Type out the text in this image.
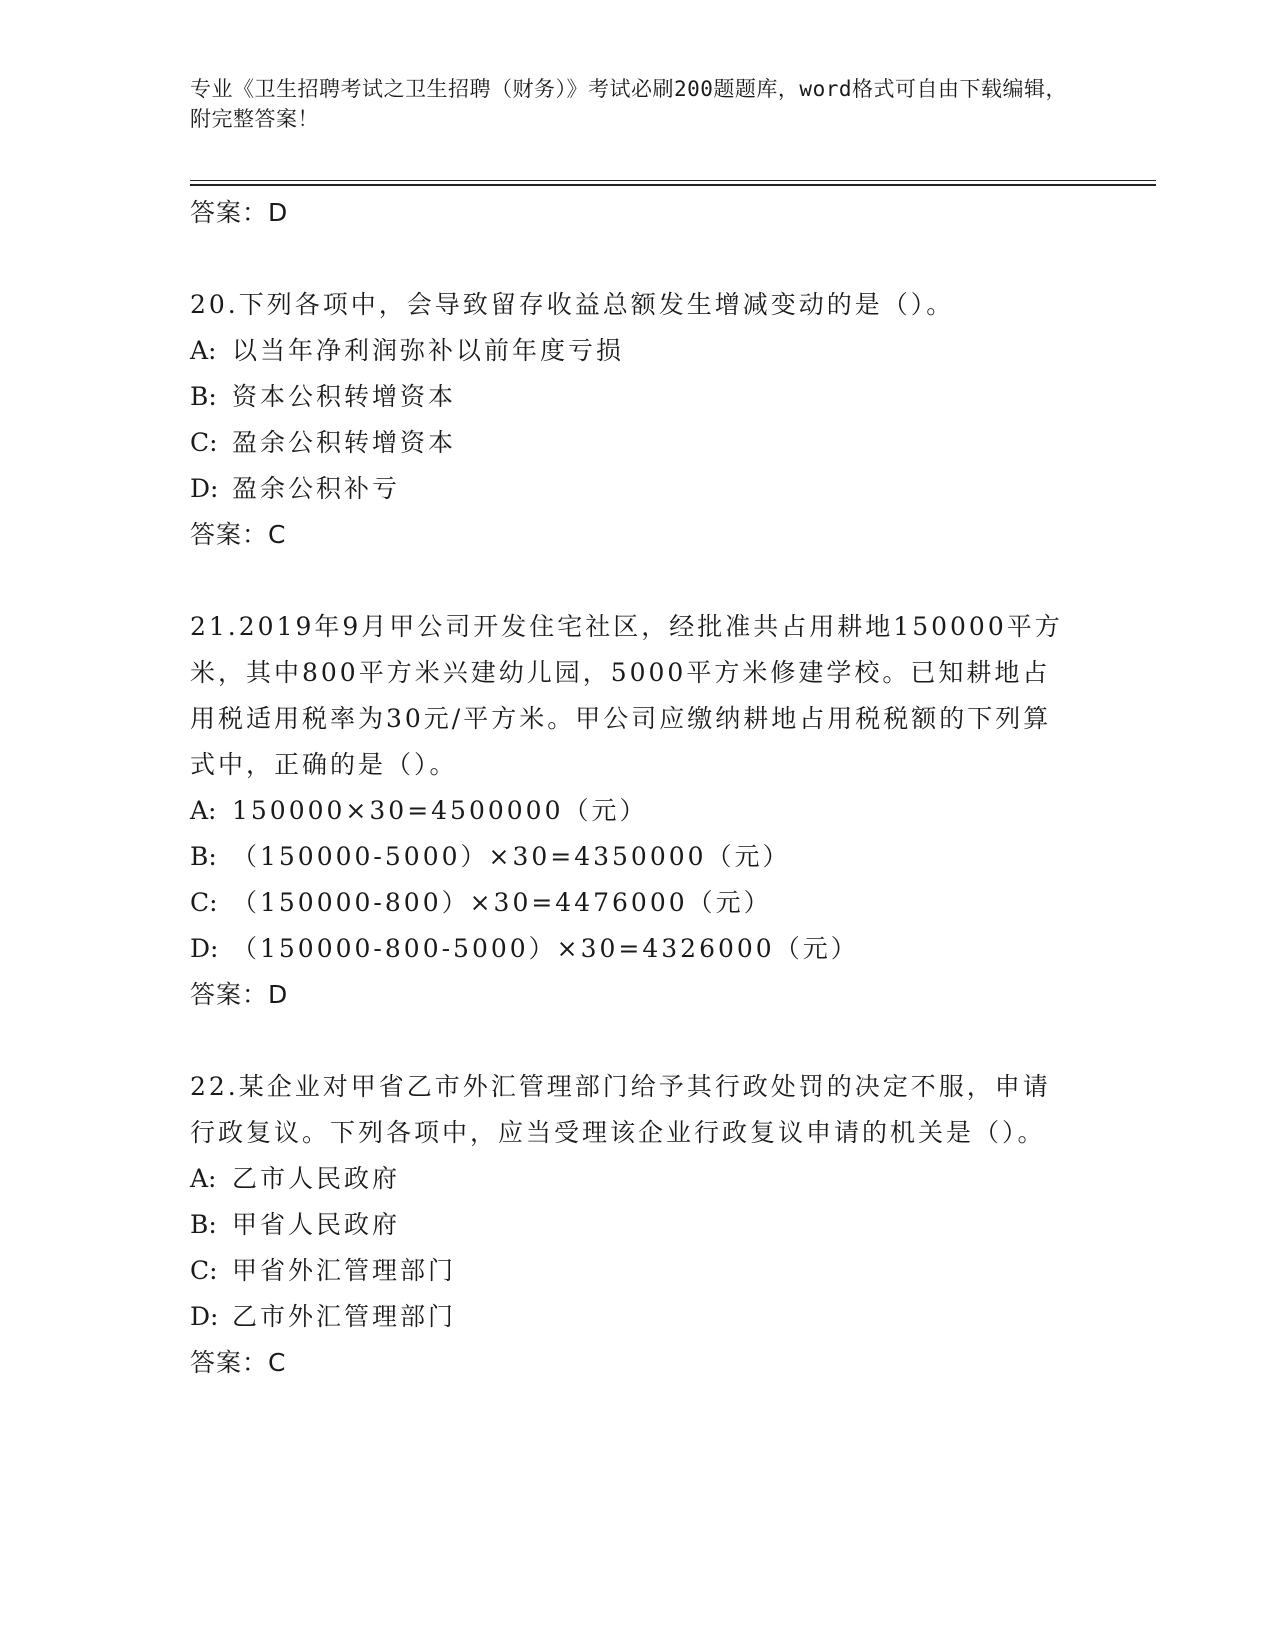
专业《卫生招聘考试之卫生招聘（财务）》考试必刷200题题库，word格式可自由下载编辑，附完整答案！
答案：D
20.下列各项中，会导致留存收益总额发生增减变动的是（）。
A: 以当年净利润弥补以前年度亏损
B: 资本公积转增资本
C: 盈余公积转增资本
D: 盈余公积补亏
答案：C
21.2019年9月甲公司开发住宅社区，经批准共占用耕地150000平方米，其中800平方米兴建幼儿园，5000平方米修建学校。已知耕地占用税适用税率为30元/平方米。甲公司应缴纳耕地占用税税额的下列算式中，正确的是（）。
A: 150000×30=4500000（元）
B: （150000-5000）×30=4350000（元）
C: （150000-800）×30=4476000（元）
D: （150000-800-5000）×30=4326000（元）
答案：D
22.某企业对甲省乙市外汇管理部门给予其行政处罚的决定不服，申请行政复议。下列各项中，应当受理该企业行政复议申请的机关是（）。
A: 乙市人民政府
B: 甲省人民政府
C: 甲省外汇管理部门
D: 乙市外汇管理部门
答案：C
